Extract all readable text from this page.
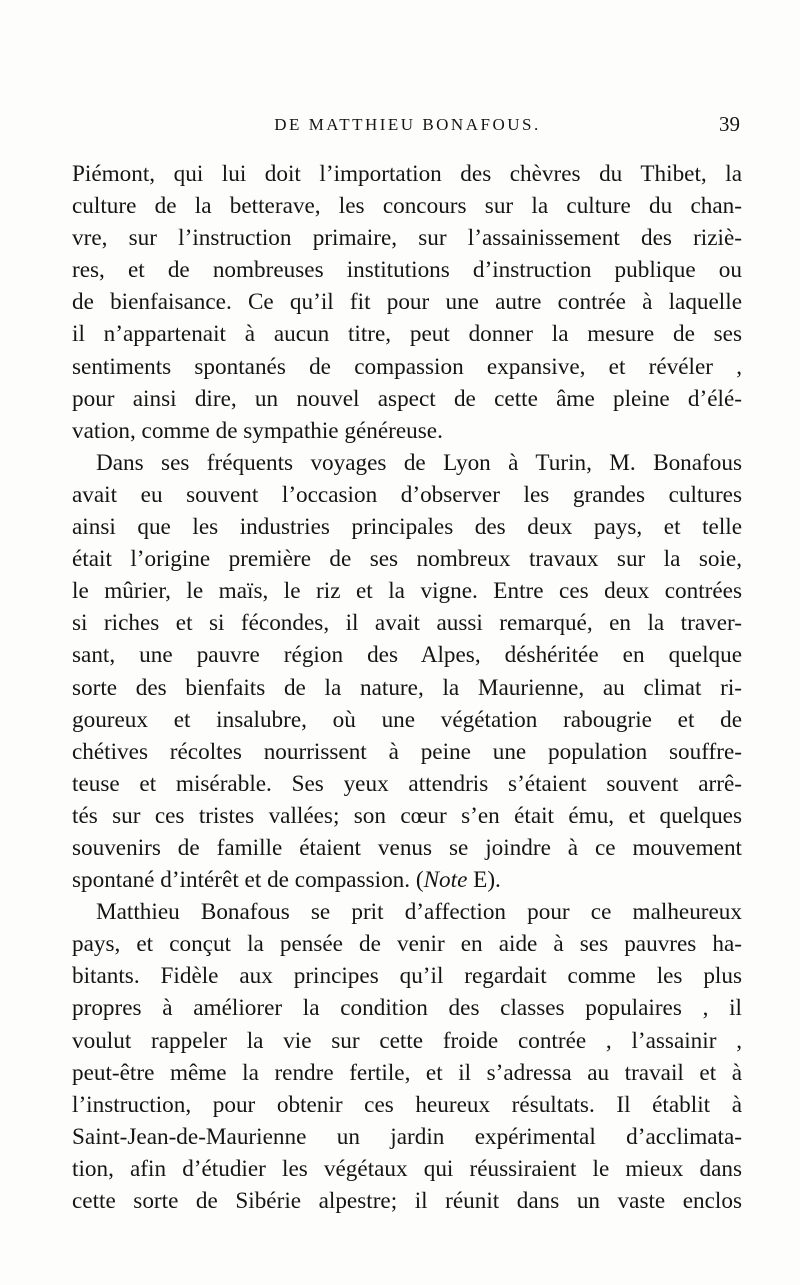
DE MATTHIEU BONAFOUS.	39

Piémont, qui lui doit l’importation des chèvres du Thibet, la

culture de la betterave, les concours sur la culture du chan-

vre, sur l’instruction primaire, sur l’assainissement des riziè-

res, et de nombreuses institutions d’instruction publique ou

de bienfaisance. Ce qu’il fit pour une autre contrée à laquelle

il n’appartenait à aucun titre, peut donner la mesure de ses

sentiments spontanés de compassion expansive, et révéler ,

pour ainsi dire, un nouvel aspect de cette âme pleine d’élé-

vation, comme de sympathie généreuse.

Dans ses fréquents voyages de Lyon à Turin, M. Bonafous

avait eu souvent l’occasion d’observer les grandes cultures

ainsi que les industries principales des deux pays, et telle

était l’origine première de ses nombreux travaux sur la soie,

le mûrier, le maïs, le riz et la vigne. Entre ces deux contrées

si riches et si fécondes, il avait aussi remarqué, en la traver-

sant, une pauvre région des Alpes, déshéritée en quelque

sorte des bienfaits de la nature, la Maurienne, au climat ri-

goureux et insalubre, où une végétation rabougrie et de

chétives récoltes nourrissent à peine une population souffre-

teuse et misérable. Ses yeux attendris s’étaient souvent arrê-

tés sur ces tristes vallées; son cœur s’en était ému, et quelques

souvenirs de famille étaient venus se joindre à ce mouvement

spontané d’intérêt et de compassion. (Note E).

Matthieu Bonafous se prit d’affection pour ce malheureux

pays, et conçut la pensée de venir en aide à ses pauvres ha-

bitants. Fidèle aux principes qu’il regardait comme les plus

propres à améliorer la condition des classes populaires , il

voulut rappeler la vie sur cette froide contrée , l’assainir ,

peut-être même la rendre fertile, et il s’adressa au travail et à

l’instruction, pour obtenir ces heureux résultats. Il établit à

Saint-Jean-de-Maurienne un jardin expérimental d’acclimata-

tion, afin d’étudier les végétaux qui réussiraient le mieux dans

cette sorte de Sibérie alpestre; il réunit dans un vaste enclos
